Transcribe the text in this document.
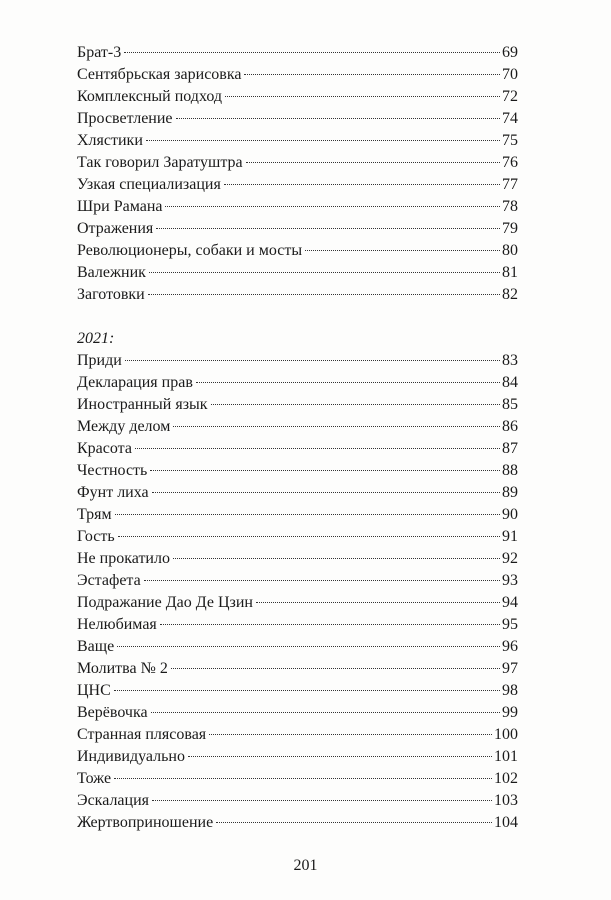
Брат-3	69
Сентябрьская зарисовка	70
Комплексный подход	72
Просветление	74
Хлястики	75
Так говорил Заратуштра	76
Узкая специализация	77
Шри Рамана	78
Отражения	79
Революционеры, собаки и мосты	80
Валежник	81
Заготовки	82
2021:
Приди	83
Декларация прав	84
Иностранный язык	85
Между делом	86
Красота	87
Честность	88
Фунт лиха	89
Трям	90
Гость	91
Не прокатило	92
Эстафета	93
Подражание Дао Де Цзин	94
Нелюбимая	95
Ваще	96
Молитва № 2	97
ЦНС	98
Верёвочка	99
Странная плясовая	100
Индивидуально	101
Тоже	102
Эскалация	103
Жертвоприношение	104
201
